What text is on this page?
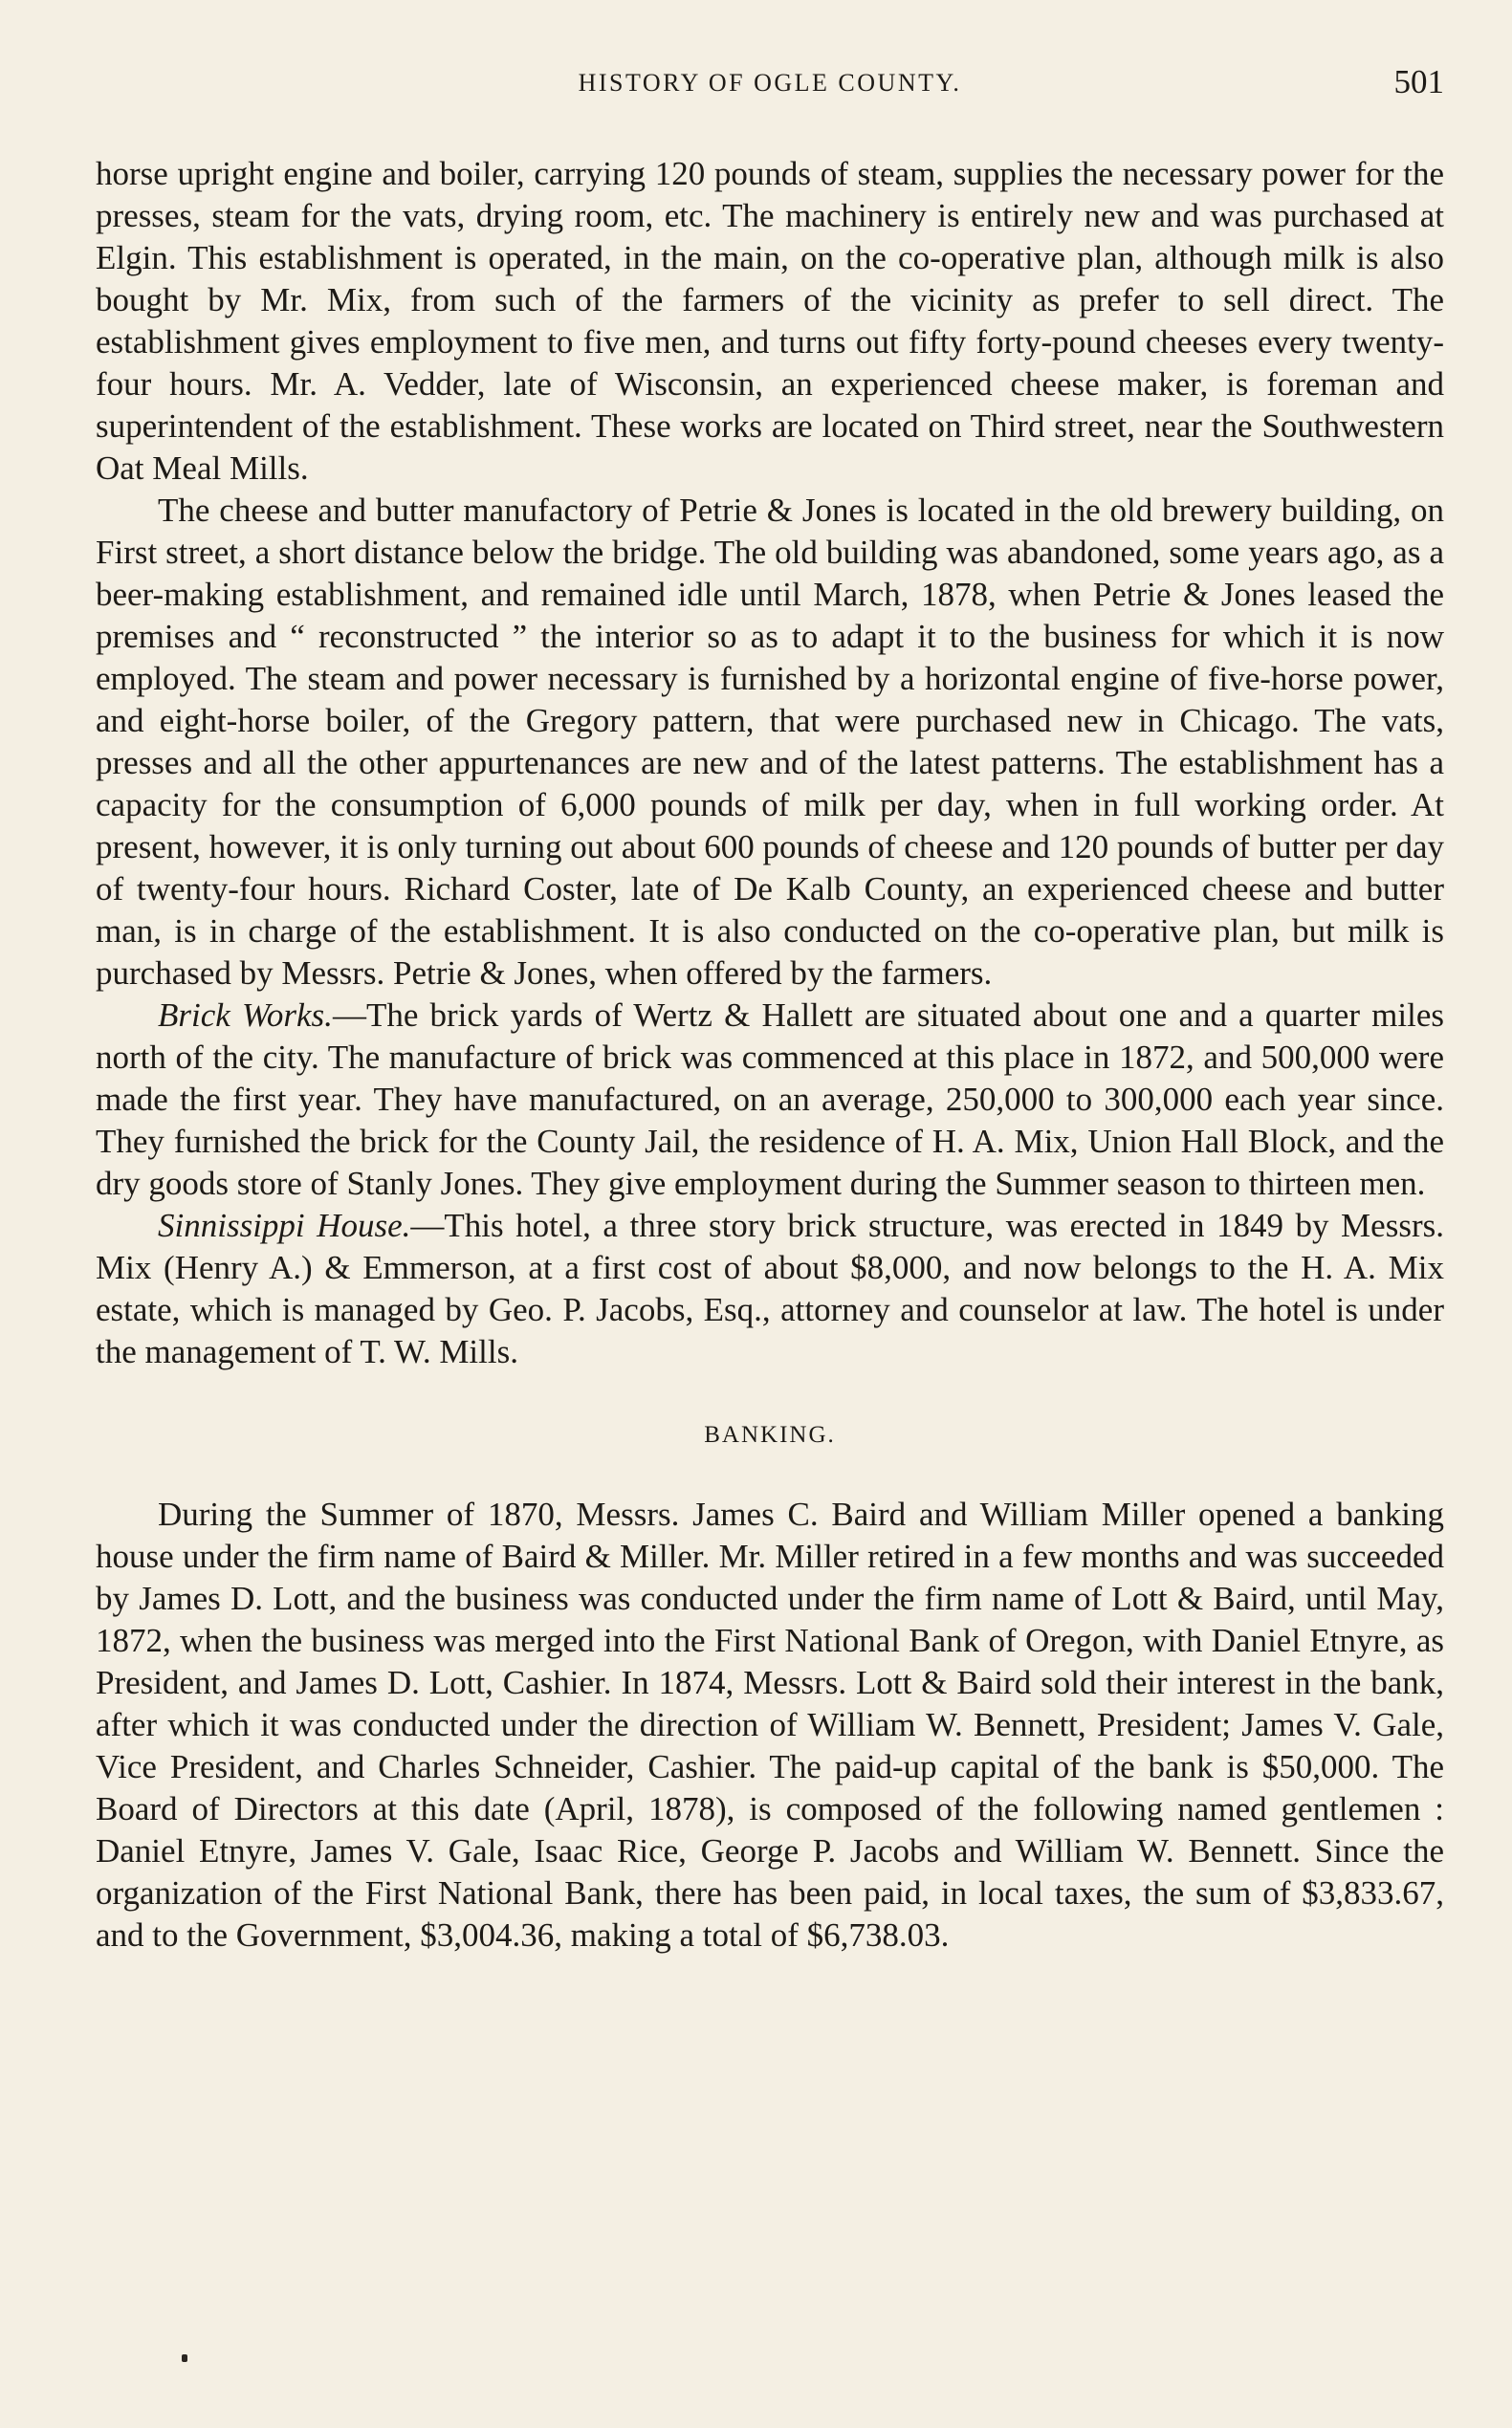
HISTORY OF OGLE COUNTY.	501

horse upright engine and boiler, carrying 120 pounds of steam, supplies the necessary power for the presses, steam for the vats, drying room, etc. The machinery is entirely new and was purchased at Elgin. This establishment is operated, in the main, on the co-operative plan, although milk is also bought by Mr. Mix, from such of the farmers of the vicinity as prefer to sell direct. The establishment gives employment to five men, and turns out fifty forty-pound cheeses every twenty-four hours. Mr. A. Vedder, late of Wisconsin, an experienced cheese maker, is foreman and superintendent of the establishment. These works are located on Third street, near the Southwestern Oat Meal Mills.

The cheese and butter manufactory of Petrie & Jones is located in the old brewery building, on First street, a short distance below the bridge. The old building was abandoned, some years ago, as a beer-making establishment, and remained idle until March, 1878, when Petrie & Jones leased the premises and “ reconstructed ” the interior so as to adapt it to the business for which it is now employed. The steam and power necessary is furnished by a horizontal engine of five-horse power, and eight-horse boiler, of the Gregory pattern, that were purchased new in Chicago. The vats, presses and all the other appurtenances are new and of the latest patterns. The establishment has a capacity for the consumption of 6,000 pounds of milk per day, when in full working order. At present, however, it is only turning out about 600 pounds of cheese and 120 pounds of butter per day of twenty-four hours. Richard Coster, late of De Kalb County, an experienced cheese and butter man, is in charge of the establishment. It is also conducted on the co-operative plan, but milk is purchased by Messrs. Petrie & Jones, when offered by the farmers.

Brick Works.—The brick yards of Wertz & Hallett are situated about one and a quarter miles north of the city. The manufacture of brick was commenced at this place in 1872, and 500,000 were made the first year. They have manufactured, on an average, 250,000 to 300,000 each year since. They furnished the brick for the County Jail, the residence of H. A. Mix, Union Hall Block, and the dry goods store of Stanly Jones. They give employment during the Summer season to thirteen men.

Sinnissippi House.—This hotel, a three story brick structure, was erected in 1849 by Messrs. Mix (Henry A.) & Emmerson, at a first cost of about $8,000, and now belongs to the H. A. Mix estate, which is managed by Geo. P. Jacobs, Esq., attorney and counselor at law. The hotel is under the management of T. W. Mills.

BANKING.

During the Summer of 1870, Messrs. James C. Baird and William Miller opened a banking house under the firm name of Baird & Miller. Mr. Miller retired in a few months and was succeeded by James D. Lott, and the business was conducted under the firm name of Lott & Baird, until May, 1872, when the business was merged into the First National Bank of Oregon, with Daniel Etnyre, as President, and James D. Lott, Cashier. In 1874, Messrs. Lott & Baird sold their interest in the bank, after which it was conducted under the direction of William W. Bennett, President; James V. Gale, Vice President, and Charles Schneider, Cashier. The paid-up capital of the bank is $50,000. The Board of Directors at this date (April, 1878), is composed of the following named gentlemen : Daniel Etnyre, James V. Gale, Isaac Rice, George P. Jacobs and William W. Bennett. Since the organization of the First National Bank, there has been paid, in local taxes, the sum of $3,833.67, and to the Government, $3,004.36, making a total of $6,738.03.
